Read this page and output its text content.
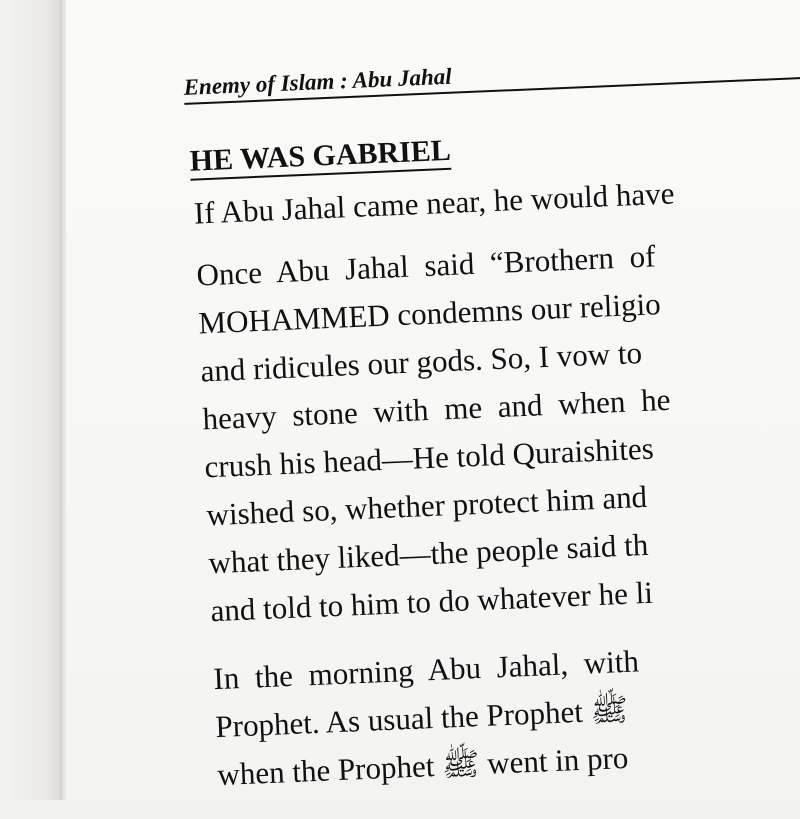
Enemy of Islam : Abu Jahal
HE WAS GABRIEL
If Abu Jahal came near, he would have
Once Abu Jahal said “Brothern of
MOHAMMED condemns our religio
and ridicules our gods. So, I vow to
heavy stone with me and when he
crush his head—He told Quraishites
wished so, whether protect him and
what they liked—the people said th
and told to him to do whatever he li
In the morning Abu Jahal, with
Prophet. As usual the Prophet ﷺ
when the Prophet ﷺ went in pro
